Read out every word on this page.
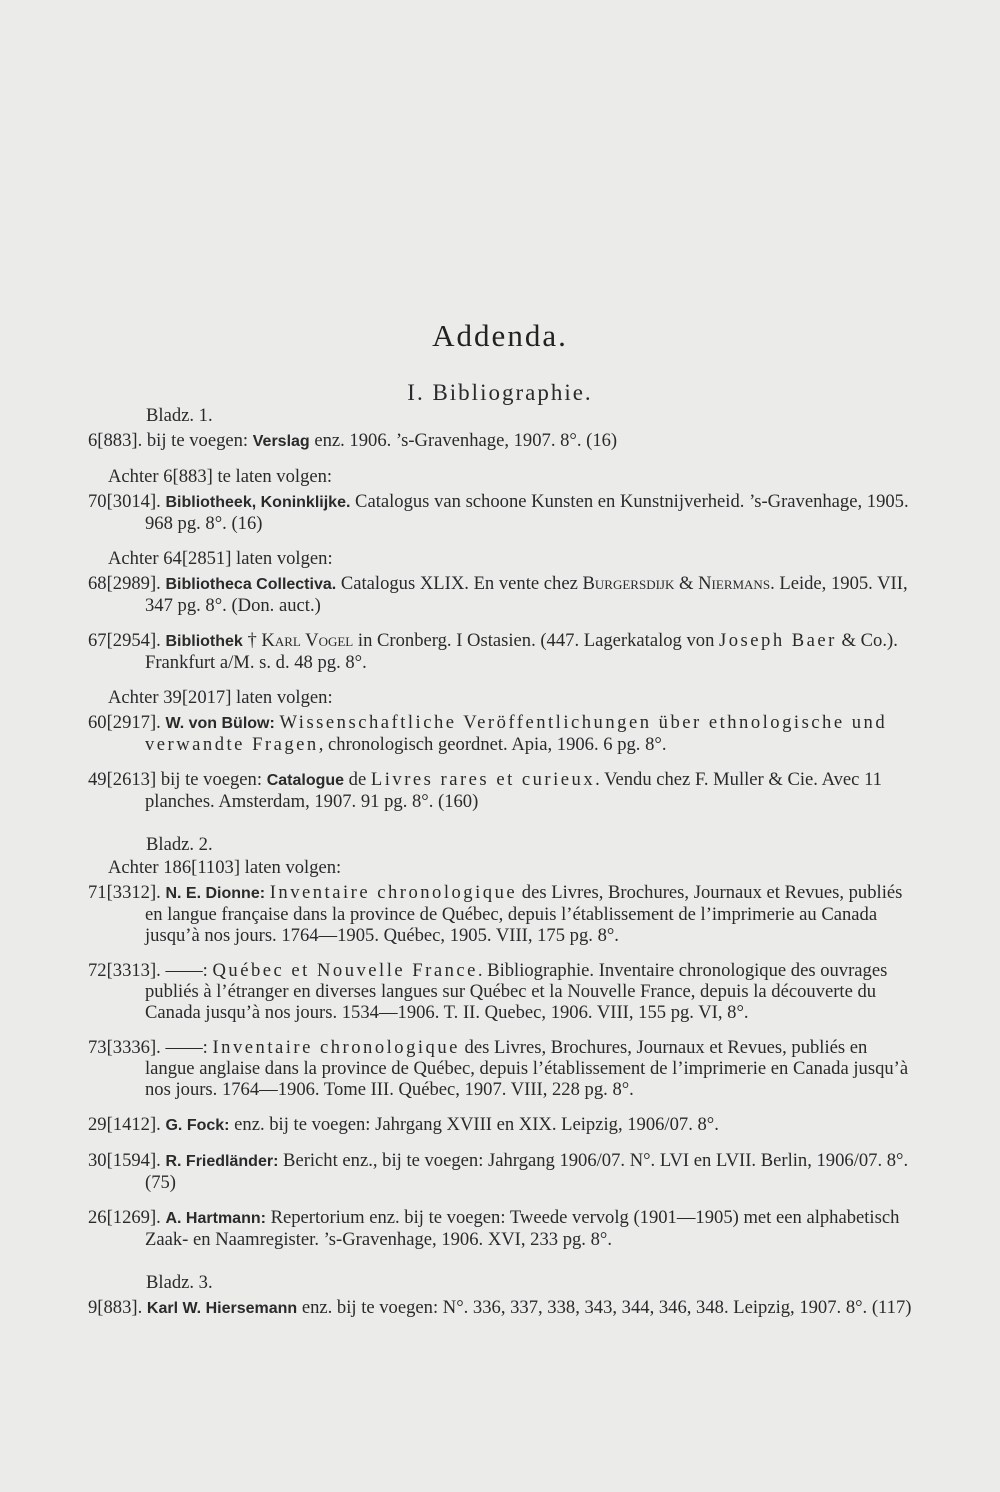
Addenda.
I. Bibliographie.
Bladz. 1.
6[883]. bij te voegen: Verslag enz. 1906. ’s-Gravenhage, 1907. 8°. (16)
Achter 6[883] te laten volgen:
70[3014]. Bibliotheek, Koninklijke. Catalogus van schoone Kunsten en Kunstnijverheid. ’s-Gravenhage, 1905. 968 pg. 8°. (16)
Achter 64[2851] laten volgen:
68[2989]. Bibliotheca Collectiva. Catalogus XLIX. En vente chez Burgersdijk & Niermans. Leide, 1905. VII, 347 pg. 8°. (Don. auct.)
67[2954]. Bibliothek † Karl Vogel in Cronberg. I Ostasien. (447. Lagerkatalog von Joseph Baer & Co.). Frankfurt a/M. s. d. 48 pg. 8°.
Achter 39[2017] laten volgen:
60[2917]. W. von Bülow: Wissenschaftliche Veröffentlichungen über ethnologische und verwandte Fragen, chronologisch geordnet. Apia, 1906. 6 pg. 8°.
49[2613] bij te voegen: Catalogue de Livres rares et curieux. Vendu chez F. Muller & Cie. Avec 11 planches. Amsterdam, 1907. 91 pg. 8°. (160)
Bladz. 2.
Achter 186[1103] laten volgen:
71[3312]. N. E. Dionne: Inventaire chronologique des Livres, Brochures, Journaux et Revues, publiés en langue française dans la province de Québec, depuis l’établissement de l’imprimerie au Canada jusqu’à nos jours. 1764—1905. Québec, 1905. VIII, 175 pg. 8°.
72[3313]. ——: Québec et Nouvelle France. Bibliographie. Inventaire chronologique des ouvrages publiés à l’étranger en diverses langues sur Québec et la Nouvelle France, depuis la découverte du Canada jusqu’à nos jours. 1534—1906. T. II. Quebec, 1906. VIII, 155 pg. VI, 8°.
73[3336]. ——: Inventaire chronologique des Livres, Brochures, Journaux et Revues, publiés en langue anglaise dans la province de Québec, depuis l’établissement de l’imprimerie en Canada jusqu’à nos jours. 1764—1906. Tome III. Québec, 1907. VIII, 228 pg. 8°.
29[1412]. G. Fock: enz. bij te voegen: Jahrgang XVIII en XIX. Leipzig, 1906/07. 8°.
30[1594]. R. Friedländer: Bericht enz., bij te voegen: Jahrgang 1906/07. N°. LVI en LVII. Berlin, 1906/07. 8°. (75)
26[1269]. A. Hartmann: Repertorium enz. bij te voegen: Tweede vervolg (1901—1905) met een alphabetisch Zaak- en Naamregister. ’s-Gravenhage, 1906. XVI, 233 pg. 8°.
Bladz. 3.
9[883]. Karl W. Hiersemann enz. bij te voegen: N°. 336, 337, 338, 343, 344, 346, 348. Leipzig, 1907. 8°. (117)
